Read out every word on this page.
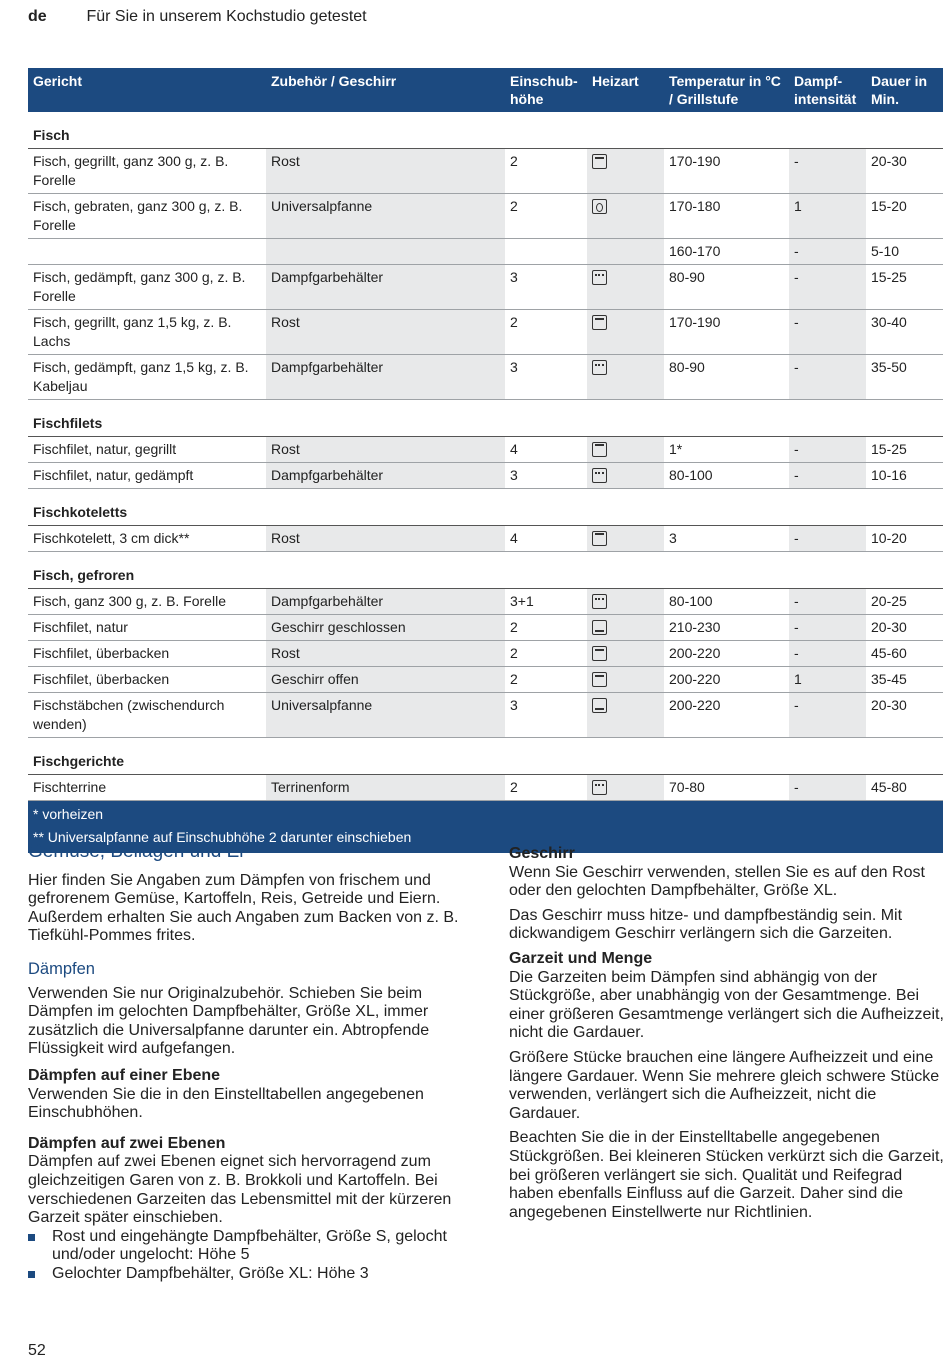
de Für Sie in unserem Kochstudio getestet
Gericht	Zubehör / Geschirr	Einschub-höhe	Heizart	Temperatur in °C / Grillstufe	Dampf-intensität	Dauer in Min.
Fisch						
Fisch, gegrillt, ganz 300 g, z. B. Forelle	Rost	2		170-190	-	20-30
Fisch, gebraten, ganz 300 g, z. B. Forelle	Universalpfanne	2		170-180	1	15-20
				160-170	-	5-10
Fisch, gedämpft, ganz 300 g, z. B. Forelle	Dampfgarbehälter	3		80-90	-	15-25
Fisch, gegrillt, ganz 1,5 kg, z. B. Lachs	Rost	2		170-190	-	30-40
Fisch, gedämpft, ganz 1,5 kg, z. B. Kabeljau	Dampfgarbehälter	3		80-90	-	35-50
Fischfilets						
Fischfilet, natur, gegrillt	Rost	4		1*	-	15-25
Fischfilet, natur, gedämpft	Dampfgarbehälter	3		80-100	-	10-16
Fischkoteletts						
Fischkotelett, 3 cm dick**	Rost	4		3	-	10-20
Fisch, gefroren						
Fisch, ganz 300 g, z. B. Forelle	Dampfgarbehälter	3+1		80-100	-	20-25
Fischfilet, natur	Geschirr geschlossen	2		210-230	-	20-30
Fischfilet, überbacken	Rost	2		200-220	-	45-60
Fischfilet, überbacken	Geschirr offen	2		200-220	1	35-45
Fischstäbchen (zwischendurch wenden)	Universalpfanne	3		200-220	-	20-30
Fischgerichte						
Fischterrine	Terrinenform	2		70-80	-	45-80
* vorheizen						
** Universalpfanne auf Einschubhöhe 2 darunter einschieben						
Gemüse, Beilagen und Ei

Hier finden Sie Angaben zum Dämpfen von frischem und gefrorenem Gemüse, Kartoffeln, Reis, Getreide und Eiern. Außerdem erhalten Sie auch Angaben zum Backen von z. B. Tiefkühl-Pommes frites.

Dämpfen

Verwenden Sie nur Originalzubehör. Schieben Sie beim Dämpfen im gelochten Dampfbehälter, Größe XL, immer zusätzlich die Universalpfanne darunter ein. Abtropfende Flüssigkeit wird aufgefangen.

Dämpfen auf einer Ebene

Verwenden Sie die in den Einstelltabellen angegebenen Einschubhöhen.

Dämpfen auf zwei Ebenen

Dämpfen auf zwei Ebenen eignet sich hervorragend zum gleichzeitigen Garen von z. B. Brokkoli und Kartoffeln. Bei verschiedenen Garzeiten das Lebensmittel mit der kürzeren Garzeit später einschieben.

Rost und eingehängte Dampfbehälter, Größe S, gelocht und/oder ungelocht: Höhe 5
Gelochter Dampfbehälter, Größe XL: Höhe 3
Geschirr

Wenn Sie Geschirr verwenden, stellen Sie es auf den Rost oder den gelochten Dampfbehälter, Größe XL.

Das Geschirr muss hitze- und dampfbeständig sein. Mit dickwandigem Geschirr verlängern sich die Garzeiten.

Garzeit und Menge

Die Garzeiten beim Dämpfen sind abhängig von der Stückgröße, aber unabhängig von der Gesamtmenge. Bei einer größeren Gesamtmenge verlängert sich die Aufheizzeit, nicht die Gardauer.

Größere Stücke brauchen eine längere Aufheizzeit und eine längere Gardauer. Wenn Sie mehrere gleich schwere Stücke verwenden, verlängert sich die Aufheizzeit, nicht die Gardauer.

Beachten Sie die in der Einstelltabelle angegebenen Stückgrößen. Bei kleineren Stücken verkürzt sich die Garzeit, bei größeren verlängert sie sich. Qualität und Reifegrad haben ebenfalls Einfluss auf die Garzeit. Daher sind die angegebenen Einstellwerte nur Richtlinien.

52
